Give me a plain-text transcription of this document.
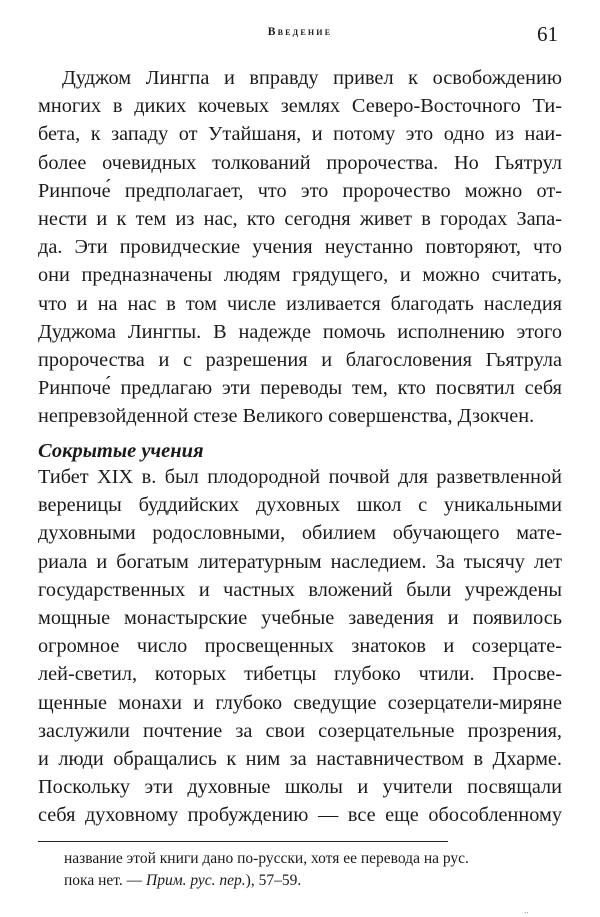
Введение	61
Дуджом Лингпа и вправду привел к освобождению
многих в диких кочевых землях Северо-Восточного Ти-
бета, к западу от Утайшаня, и потому это одно из наи-
более очевидных толкований пророчества. Но Гьятрул
Ринпоче́ предполагает, что это пророчество можно от-
нести и к тем из нас, кто сегодня живет в городах Запа-
да. Эти провидческие учения неустанно повторяют, что
они предназначены людям грядущего, и можно считать,
что и на нас в том числе изливается благодать наследия
Дуджома Лингпы. В надежде помочь исполнению этого
пророчества и с разрешения и благословения Гьятрула
Ринпоче́ предлагаю эти переводы тем, кто посвятил себя
непревзойденной стезе Великого совершенства, Дзокчен.
Сокрытые учения
Тибет XIX в. был плодородной почвой для разветвленной
вереницы буддийских духовных школ с уникальными
духовными родословными, обилием обучающего мате-
риала и богатым литературным наследием. За тысячу лет
государственных и частных вложений были учреждены
мощные монастырские учебные заведения и появилось
огромное число просвещенных знатоков и созерцате-
лей-светил, которых тибетцы глубоко чтили. Просве-
щенные монахи и глубоко сведущие созерцатели-миряне
заслужили почтение за свои созерцательные прозрения,
и люди обращались к ним за наставничеством в Дхарме.
Поскольку эти духовные школы и учители посвящали
себя духовному пробуждению — все еще обособленному
название этой книги дано по-русски, хотя ее перевода на рус.
пока нет. — Прим. рус. пер.), 57–59.
··
